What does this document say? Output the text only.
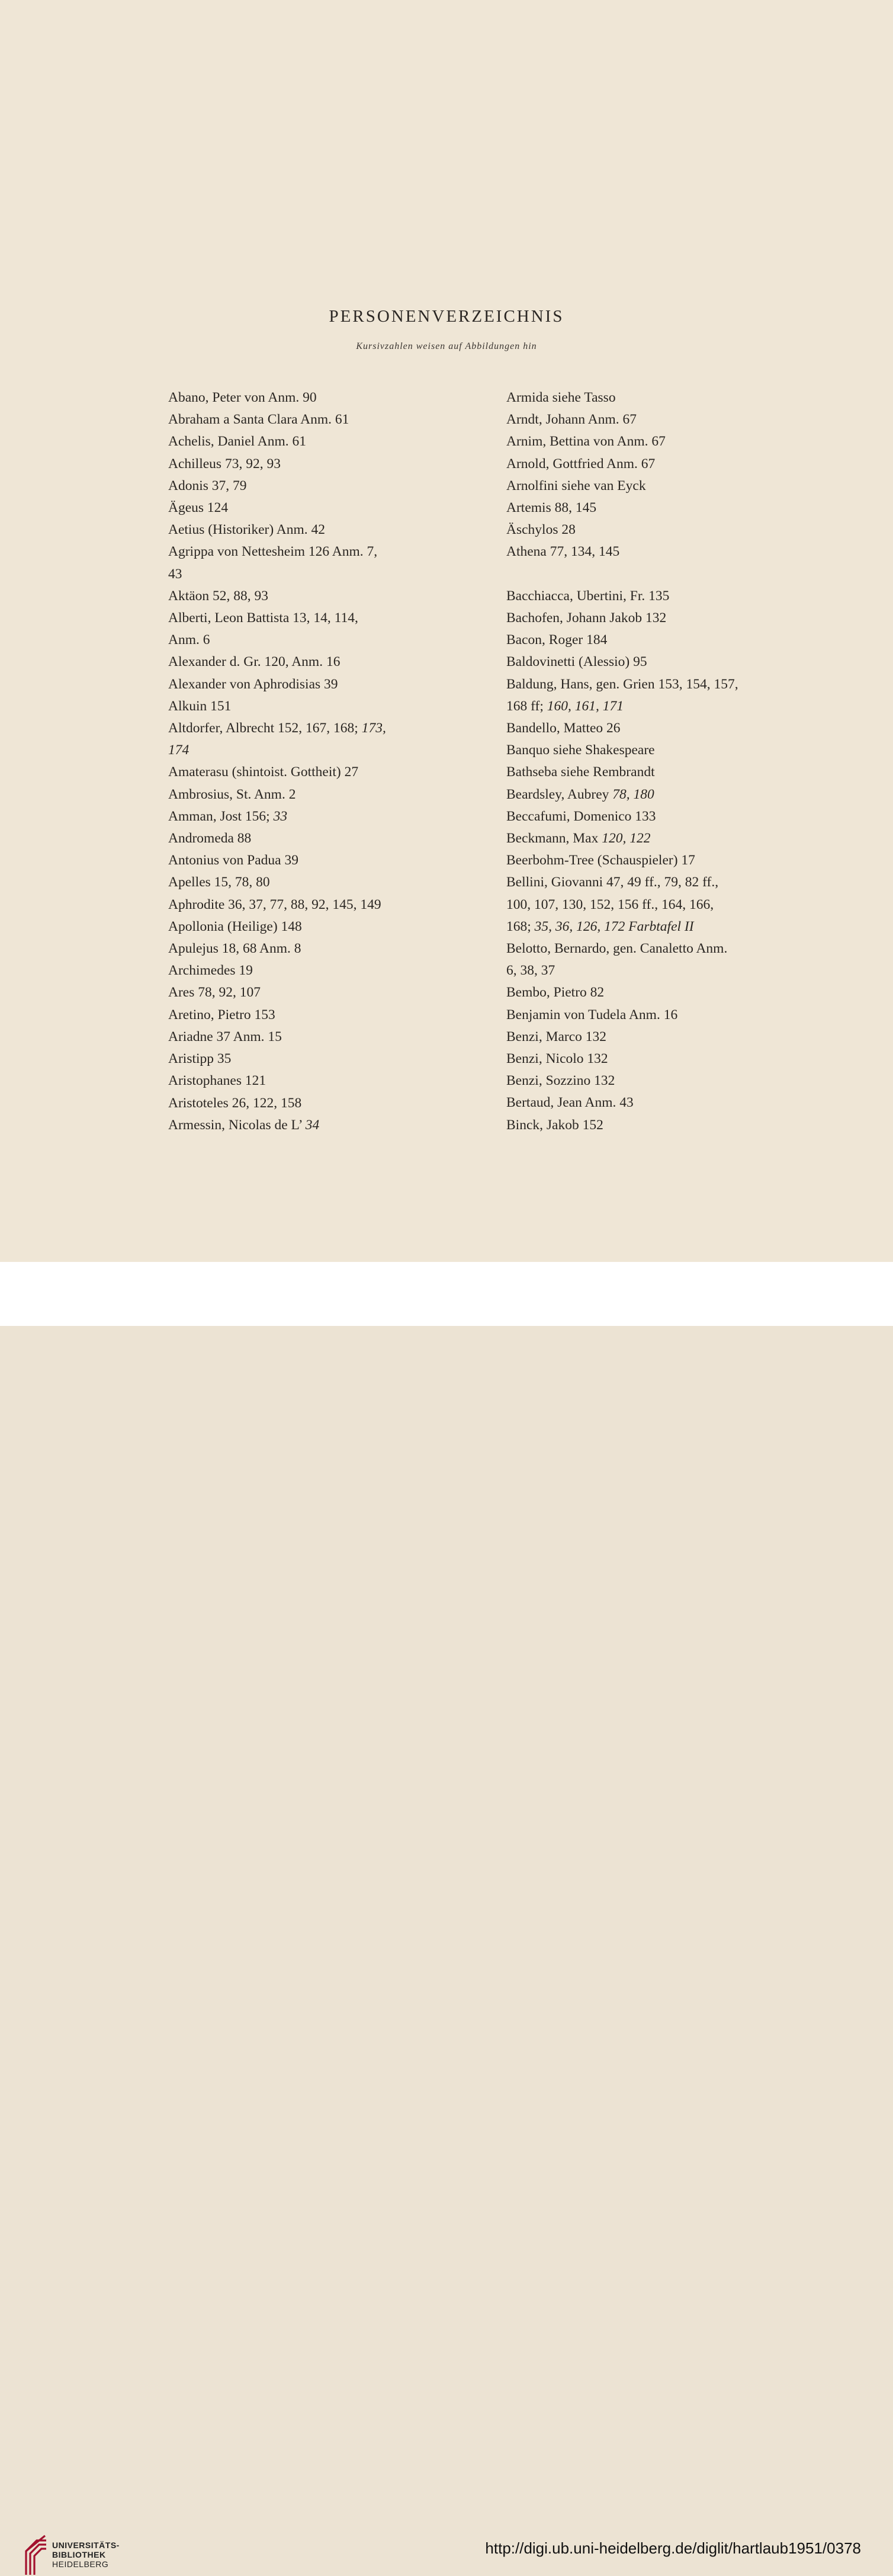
PERSONENVERZEICHNIS
Kursivzahlen weisen auf Abbildungen hin
Abano, Peter von Anm. 90
Abraham a Santa Clara Anm. 61
Achelis, Daniel Anm. 61
Achilleus 73, 92, 93
Adonis 37, 79
Ägeus 124
Aetius (Historiker) Anm. 42
Agrippa von Nettesheim 126 Anm. 7,
43
Aktäon 52, 88, 93
Alberti, Leon Battista 13, 14, 114,
Anm. 6
Alexander d. Gr. 120, Anm. 16
Alexander von Aphrodisias 39
Alkuin 151
Altdorfer, Albrecht 152, 167, 168; 173,
174
Amaterasu (shintoist. Gottheit) 27
Ambrosius, St. Anm. 2
Amman, Jost 156; 33
Andromeda 88
Antonius von Padua 39
Apelles 15, 78, 80
Aphrodite 36, 37, 77, 88, 92, 145, 149
Apollonia (Heilige) 148
Apulejus 18, 68 Anm. 8
Archimedes 19
Ares 78, 92, 107
Aretino, Pietro 153
Ariadne 37 Anm. 15
Aristipp 35
Aristophanes 121
Aristoteles 26, 122, 158
Armessin, Nicolas de L’ 34
Armida siehe Tasso
Arndt, Johann Anm. 67
Arnim, Bettina von Anm. 67
Arnold, Gottfried Anm. 67
Arnolfini siehe van Eyck
Artemis 88, 145
Äschylos 28
Athena 77, 134, 145
Bacchiacca, Ubertini, Fr. 135
Bachofen, Johann Jakob 132
Bacon, Roger 184
Baldovinetti (Alessio) 95
Baldung, Hans, gen. Grien 153, 154, 157,
168 ff; 160, 161, 171
Bandello, Matteo 26
Banquo siehe Shakespeare
Bathseba siehe Rembrandt
Beardsley, Aubrey 78, 180
Beccafumi, Domenico 133
Beckmann, Max 120, 122
Beerbohm-Tree (Schauspieler) 17
Bellini, Giovanni 47, 49 ff., 79, 82 ff.,
100, 107, 130, 152, 156 ff., 164, 166,
168; 35, 36, 126, 172 Farbtafel II
Belotto, Bernardo, gen. Canaletto Anm.
6, 38, 37
Bembo, Pietro 82
Benjamin von Tudela Anm. 16
Benzi, Marco 132
Benzi, Nicolo 132
Benzi, Sozzino 132
Bertaud, Jean Anm. 43
Binck, Jakob 152
UNIVERSITÄTS-
BIBLIOTHEK
HEIDELBERG
http://digi.ub.uni-heidelberg.de/diglit/hartlaub1951/0378
